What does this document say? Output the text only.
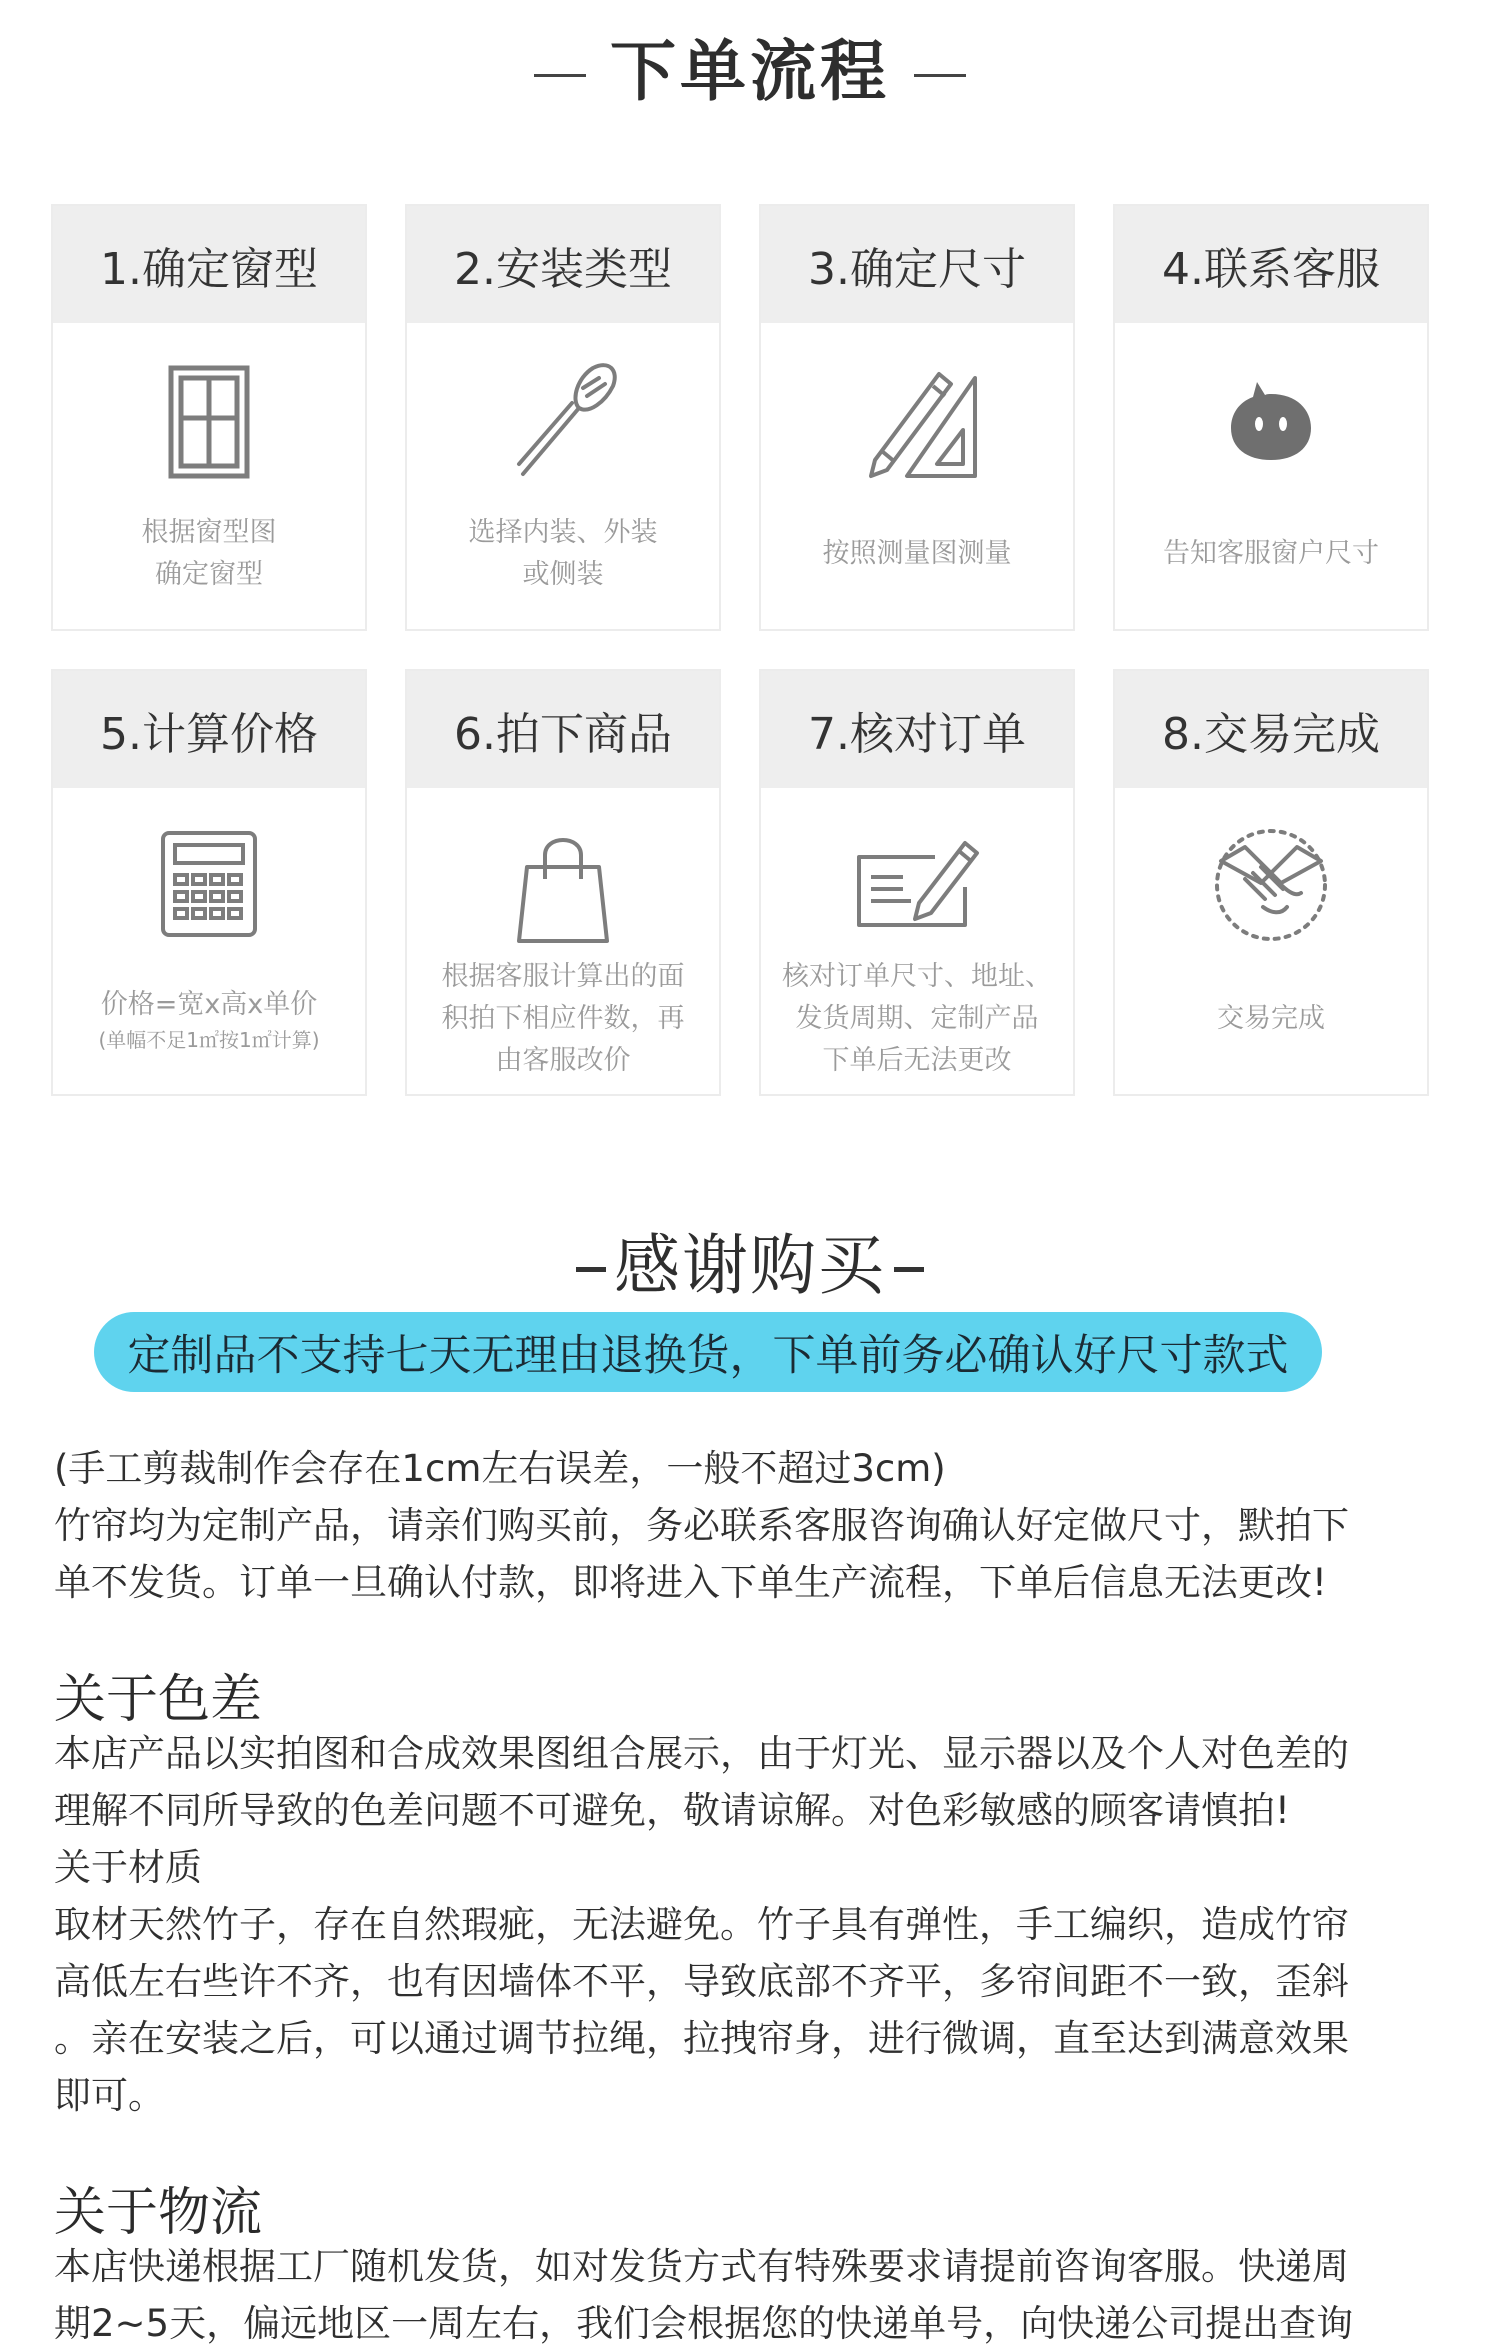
下单流程
1.确定窗型
根据窗型图
确定窗型
2.安装类型
选择内装、外装
或侧装
3.确定尺寸
按照测量图测量
4.联系客服
告知客服窗户尺寸
5.计算价格
价格=宽x高x单价
(单幅不足1㎡按1㎡计算)
6.拍下商品
根据客服计算出的面
积拍下相应件数，再
由客服改价
7.核对订单
核对订单尺寸、地址、
发货周期、定制产品
下单后无法更改
8.交易完成
交易完成
感谢购买
定制品不支持七天无理由退换货，下单前务必确认好尺寸款式
(手工剪裁制作会存在1cm左右误差，一般不超过3cm)
竹帘均为定制产品，请亲们购买前，务必联系客服咨询确认好定做尺寸，默拍下
单不发货。订单一旦确认付款，即将进入下单生产流程，下单后信息无法更改!
关于色差
本店产品以实拍图和合成效果图组合展示，由于灯光、显示器以及个人对色差的
理解不同所导致的色差问题不可避免，敬请谅解。对色彩敏感的顾客请慎拍!
关于材质
取材天然竹子，存在自然瑕疵，无法避免。竹子具有弹性，手工编织，造成竹帘
高低左右些许不齐，也有因墙体不平，导致底部不齐平，多帘间距不一致，歪斜
。亲在安装之后，可以通过调节拉绳，拉拽帘身，进行微调，直至达到满意效果
即可。
关于物流
本店快递根据工厂随机发货，如对发货方式有特殊要求请提前咨询客服。快递周
期2~5天，偏远地区一周左右，我们会根据您的快递单号，向快递公司提出查询
